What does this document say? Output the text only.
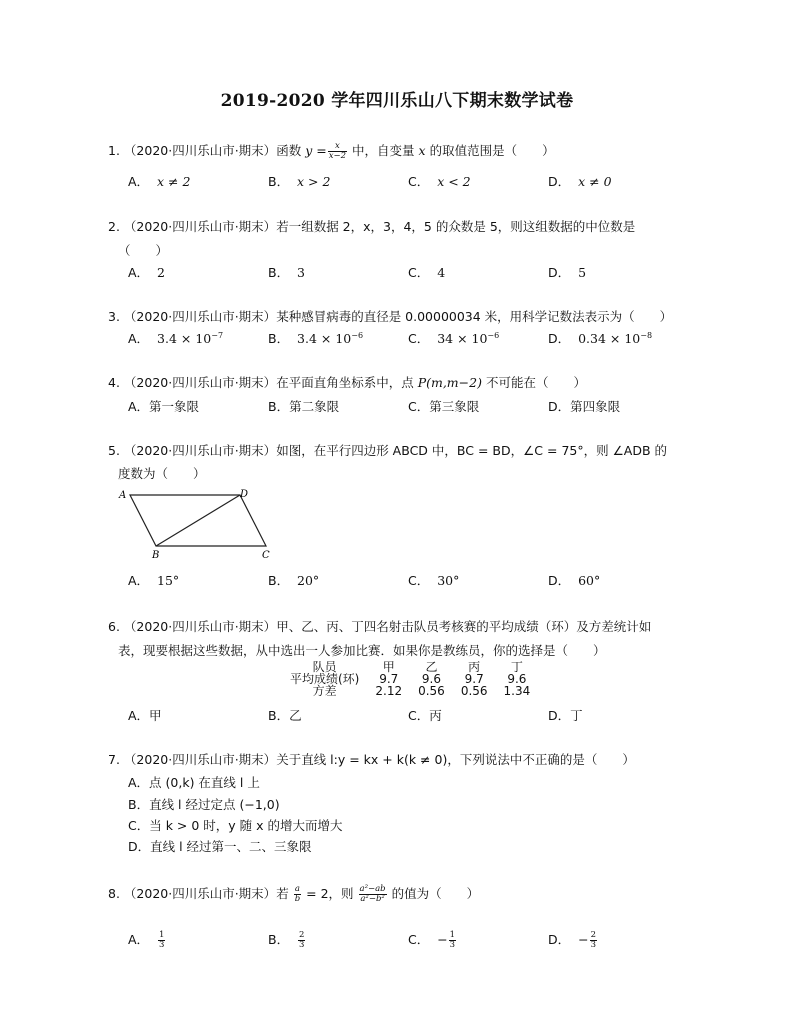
2019-2020 学年四川乐山八下期末数学试卷
1. （2020·四川乐山市·期末）函数 $y = \frac{x}{x-2}$ 中，自变量 x 的取值范围是（　　）
A． x ≠ 2	B． x > 2	C． x < 2	D． x ≠ 0
2. （2020·四川乐山市·期末）若一组数据 2，x，3，4，5 的众数是 5，则这组数据的中位数是
（　　）
A． 2	B． 3	C． 4	D． 5
3. （2020·四川乐山市·期末）某种感冒病毒的直径是 0.00000034 米，用科学记数法表示为（　　）
A． $3.4 \times 10^{-7}$	B． $3.4 \times 10^{-6}$	C． $34 \times 10^{-6}$	D． $0.34 \times 10^{-8}$
4. （2020·四川乐山市·期末）在平面直角坐标系中，点 P(m,m−2) 不可能在（　　）
A．第一象限	B．第二象限	C．第三象限	D．第四象限
5. （2020·四川乐山市·期末）如图，在平行四边形 ABCD 中，BC = BD，∠C = 75°，则 ∠ADB 的
度数为（　　）
A	D
B	C
A． 15°	B． 20°	C． 30°	D． 60°
6. （2020·四川乐山市·期末）甲、乙、丙、丁四名射击队员考核赛的平均成绩（环）及方差统计如
表，现要根据这些数据，从中选出一人参加比赛．如果你是教练员，你的选择是（　　）
队员	甲	乙	丙	丁
平均成绩(环)	9.7	9.6	9.7	9.6
方差	2.12	0.56	0.56	1.34
A．甲	B．乙	C．丙	D．丁
7. （2020·四川乐山市·期末）关于直线 l:y = kx + k(k ≠ 0)，下列说法中不正确的是（　　）
A．点 (0,k) 在直线 l 上
B．直线 l 经过定点 (−1,0)
C．当 k > 0 时，y 随 x 的增大而增大
D．直线 l 经过第一、二、三象限
8. （2020·四川乐山市·期末）若 $\frac{a}{b} = 2$，则 $\frac{\text{a²−ab}}{\text{a²−b²}}$ 的值为（　　）
A． $\frac{1}{3}$	B． $\frac{2}{3}$	C． − $\frac{1}{3}$	D． − $\frac{2}{3}$
